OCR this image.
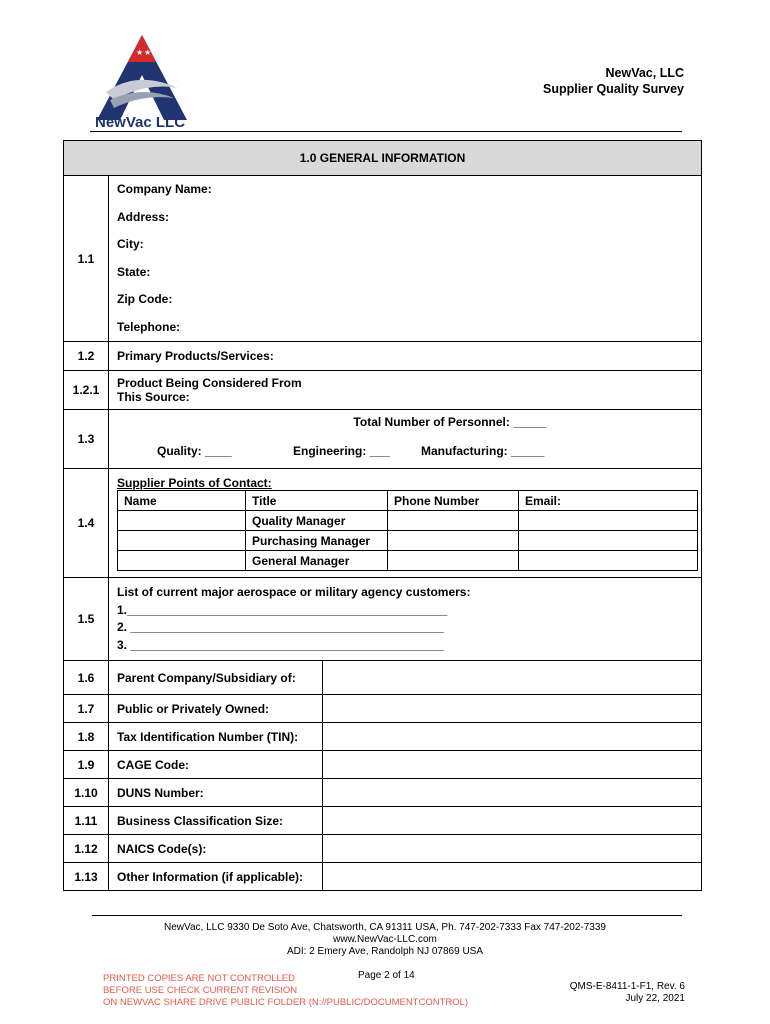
★ ★
NewVac LLC
NewVac, LLC
Supplier Quality Survey
1.0 GENERAL INFORMATION
1.1	
Company Name:
Address:
City:
State:
Zip Code:
Telephone:

1.2	Primary Products/Services:
1.2.1	Product Being Considered From
This Source:

1.3	
Total Number of Personnel: _____
Quality: ____	Engineering: ___	Manufacturing: _____

1.4	
Supplier Points of Contact:
Name	Title	Phone Number	Email:
	Quality Manager		
	Purchasing Manager		
	General Manager		

1.5	
List of current major aerospace or military agency customers:
1.________________________________________________
2. _______________________________________________
3. _______________________________________________

1.6	Parent Company/Subsidiary of:	
1.7	Public or Privately Owned:	
1.8	Tax Identification Number (TIN):	
1.9	CAGE Code:	
1.10	DUNS Number:	
1.11	Business Classification Size:	
1.12	NAICS Code(s):	
1.13	Other Information (if applicable):	
NewVac, LLC 9330 De Soto Ave, Chatsworth, CA 91311 USA, Ph. 747-202-7333 Fax 747-202-7339
www.NewVac-LLC.com
ADI: 2 Emery Ave, Randolph NJ 07869 USA
PRINTED COPIES ARE NOT CONTROLLED
BEFORE USE CHECK CURRENT REVISION
ON NEWVAC SHARE DRIVE PUBLIC FOLDER (N://PUBLIC/DOCUMENTCONTROL)
Page 2 of 14
QMS-E-8411-1-F1, Rev. 6
July 22, 2021
